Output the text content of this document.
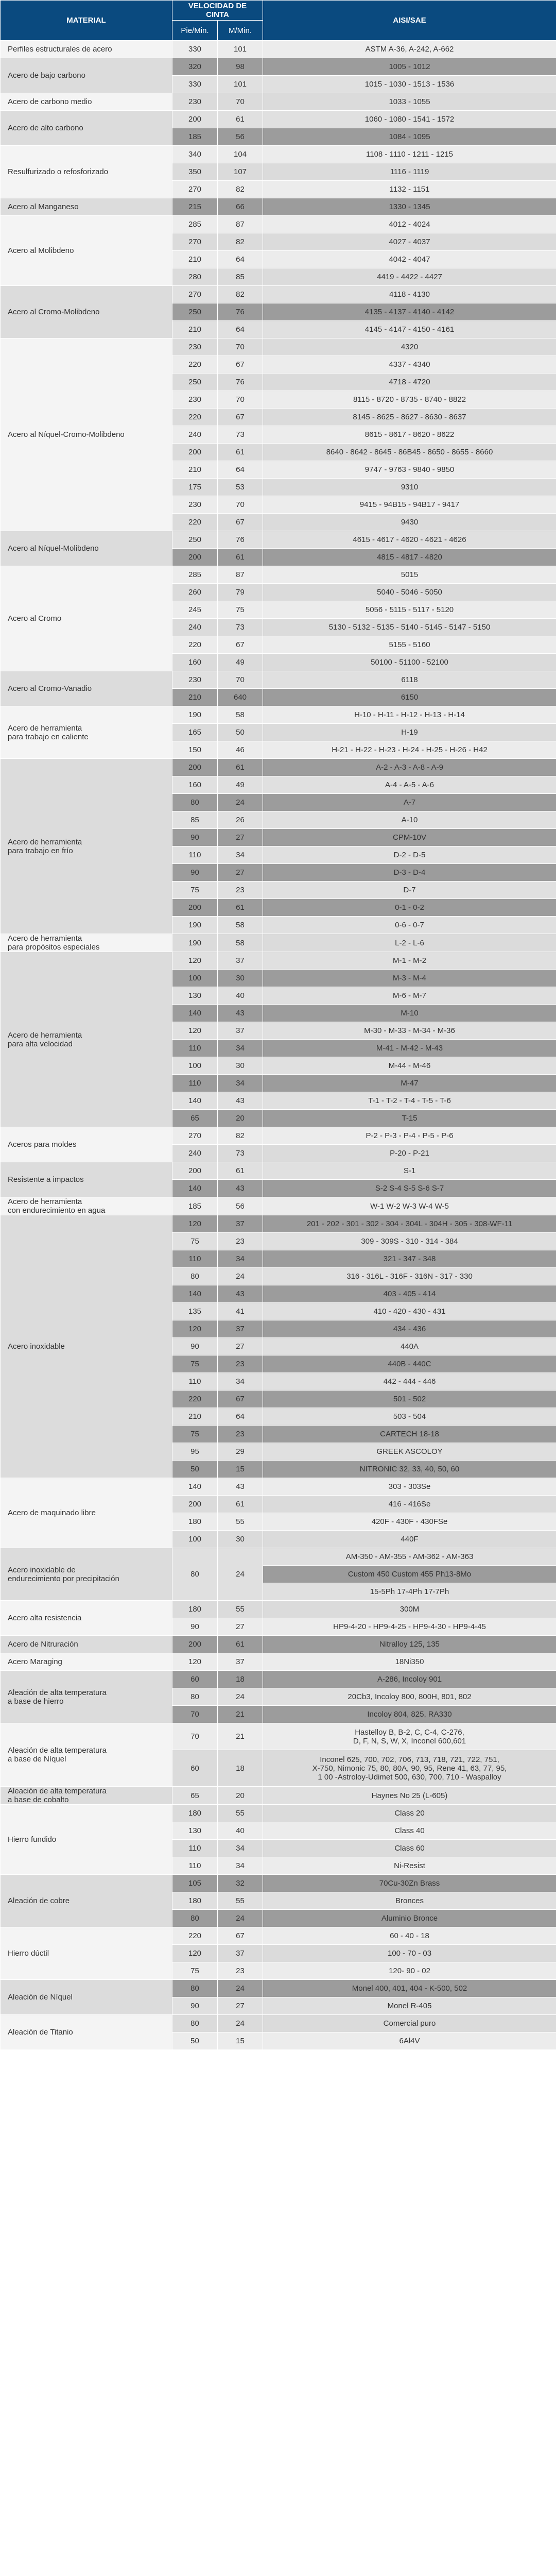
MATERIAL	VELOCIDAD DE CINTA		AISI/SAE
	Pie/Min.	M/Min.	
Perfiles estructurales de acero	330	101	ASTM A-36, A-242, A-662
Acero de bajo carbono	320	98	1005 - 1012
	330	101	1015 - 1030 - 1513 - 1536
Acero de carbono medio	230	70	1033 - 1055
Acero de alto carbono	200	61	1060 - 1080 - 1541 - 1572
	185	56	1084 - 1095
Resulfurizado o refosforizado	340	104	1108 - 1110 - 1211 - 1215
	350	107	1116 - 1119
	270	82	1132 - 1151
Acero al Manganeso	215	66	1330 - 1345
Acero al Molibdeno	285	87	4012 - 4024
	270	82	4027 - 4037
	210	64	4042 - 4047
	280	85	4419 - 4422 - 4427
Acero al Cromo-Molibdeno	270	82	4118 - 4130
	250	76	4135 - 4137 - 4140 - 4142
	210	64	4145 - 4147 - 4150 - 4161
Acero al Níquel-Cromo-Molibdeno	230	70	4320
	220	67	4337 - 4340
	250	76	4718 - 4720
	230	70	8115 - 8720 - 8735 - 8740 - 8822
	220	67	8145 - 8625 - 8627 - 8630 - 8637
	240	73	8615 - 8617 - 8620 - 8622
	200	61	8640 - 8642 - 8645 - 86B45 - 8650 - 8655 - 8660
	210	64	9747 - 9763 - 9840 - 9850
	175	53	9310
	230	70	9415 - 94B15 - 94B17 - 9417
	220	67	9430
Acero al Níquel-Molibdeno	250	76	4615 - 4617 - 4620 - 4621 - 4626
	200	61	4815 - 4817 - 4820
Acero al Cromo	285	87	5015
	260	79	5040 - 5046 - 5050
	245	75	5056 - 5115 - 5117 - 5120
	240	73	5130 - 5132 - 5135 - 5140 - 5145 - 5147 - 5150
	220	67	5155 - 5160
	160	49	50100 - 51100 - 52100
Acero al Cromo-Vanadio	230	70	6118
	210	640	6150
Acero de herramienta
para trabajo en caliente	190	58	H-10 - H-11 - H-12 - H-13 - H-14
	165	50	H-19
	150	46	H-21 - H-22 - H-23 - H-24 - H-25 - H-26 - H42
Acero de herramienta
para trabajo en frío	200	61	A-2 - A-3 - A-8 - A-9
	160	49	A-4 - A-5 - A-6
	80	24	A-7
	85	26	A-10
	90	27	CPM-10V
	110	34	D-2 - D-5
	90	27	D-3 - D-4
	75	23	D-7
	200	61	0-1 - 0-2
	190	58	0-6 - 0-7
Acero de herramienta
para propósitos especiales	190	58	L-2 - L-6
Acero de herramienta
para alta velocidad	120	37	M-1 - M-2
	100	30	M-3 - M-4
	130	40	M-6 - M-7
	140	43	M-10
	120	37	M-30 - M-33 - M-34 - M-36
	110	34	M-41 - M-42 - M-43
	100	30	M-44 - M-46
	110	34	M-47
	140	43	T-1 - T-2 - T-4 - T-5 - T-6
	65	20	T-15
Aceros para moldes	270	82	P-2 - P-3 - P-4 - P-5 - P-6
	240	73	P-20 - P-21
Resistente a impactos	200	61	S-1
	140	43	S-2 S-4 S-5 S-6 S-7
Acero de herramienta
con endurecimiento en agua	185	56	W-1 W-2 W-3 W-4 W-5
Acero inoxidable	120	37	201 - 202 - 301 - 302 - 304 - 304L - 304H - 305 - 308-WF-11
	75	23	309 - 309S - 310 - 314 - 384
	110	34	321 - 347 - 348
	80	24	316 - 316L - 316F - 316N - 317 - 330
	140	43	403 - 405 - 414
	135	41	410 - 420 - 430 - 431
	120	37	434 - 436
	90	27	440A
	75	23	440B - 440C
	110	34	442 - 444 - 446
	220	67	501 - 502
	210	64	503 - 504
	75	23	CARTECH 18-18
	95	29	GREEK ASCOLOY
	50	15	NITRONIC 32, 33, 40, 50, 60
Acero de maquinado libre	140	43	303 - 303Se
	200	61	416 - 416Se
	180	55	420F - 430F - 430FSe
	100	30	440F
Acero inoxidable de
endurecimiento por precipitación	80	24	AM-350 - AM-355 - AM-362 - AM-363
			Custom 450 Custom 455 Ph13-8Mo
			15-5Ph 17-4Ph 17-7Ph
Acero alta resistencia	180	55	300M
	90	27	HP9-4-20 - HP9-4-25 - HP9-4-30 - HP9-4-45
Acero de Nitruración	200	61	Nitralloy 125, 135
Acero Maraging	120	37	18Ni350
Aleación de alta temperatura
a base de hierro	60	18	A-286, Incoloy 901
	80	24	20Cb3, Incoloy 800, 800H, 801, 802
	70	21	Incoloy 804, 825, RA330
Aleación de alta temperatura
a base de Níquel	70	21	Hastelloy B, B-2, C, C-4, C-276,
D, F, N, S, W, X, Inconel 600,601
	60	18	Inconel 625, 700, 702, 706, 713, 718, 721, 722, 751,
X-750, Nimonic 75, 80, 80A, 90, 95, Rene 41, 63, 77, 95,
1 00 -Astroloy-Udimet 500, 630, 700, 710 - Waspalloy
Aleación de alta temperatura
a base de cobalto	65	20	Haynes No 25 (L-605)
Hierro fundido	180	55	Class 20
	130	40	Class 40
	110	34	Class 60
	110	34	Ni-Resist
Aleación de cobre	105	32	70Cu-30Zn Brass
	180	55	Bronces
	80	24	Aluminio Bronce
Hierro dúctil	220	67	60 - 40 - 18
	120	37	100 - 70 - 03
	75	23	120- 90 - 02
Aleación de Níquel	80	24	Monel 400, 401, 404 - K-500, 502
	90	27	Monel R-405
Aleación de Titanio	80	24	Comercial puro
	50	15	6Al4V
